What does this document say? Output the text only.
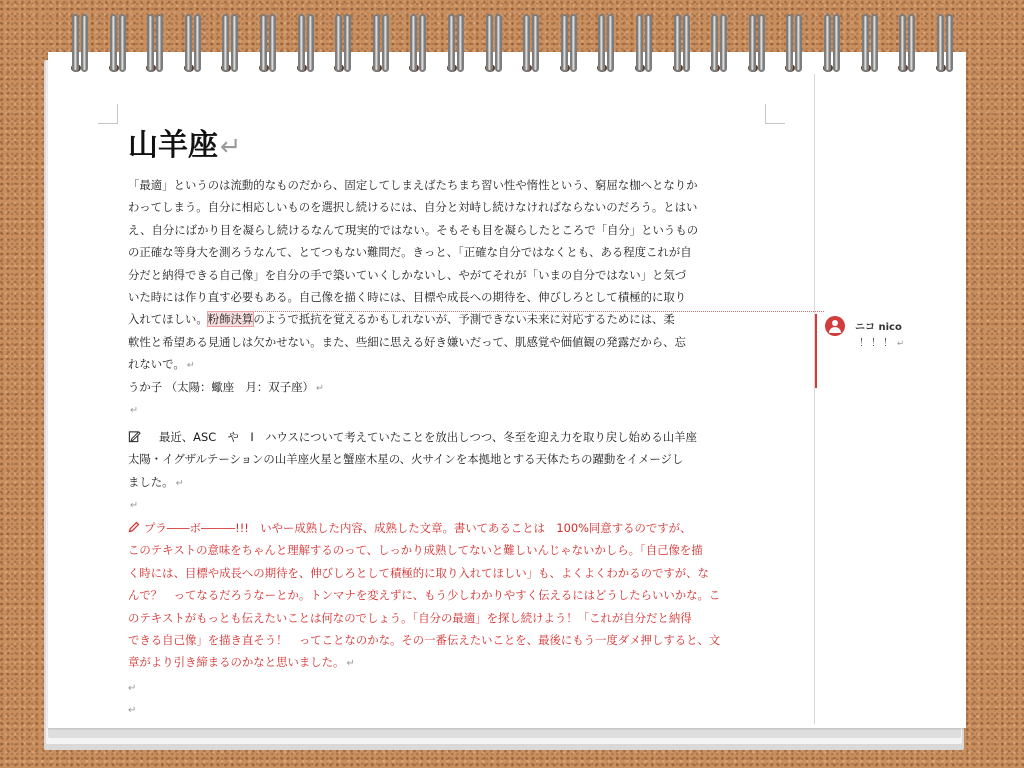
ニコ nico
！！！ ↵
山羊座↵
「最適」というのは流動的なものだから、固定してしまえばたちまち習い性や惰性という、窮屈な枷へとなりか
わってしまう。自分に相応しいものを選択し続けるには、自分と対峙し続けなければならないのだろう。とはい
え、自分にばかり目を凝らし続けるなんて現実的ではない。そもそも目を凝らしたところで「自分」というもの
の正確な等身大を測ろうなんて、とてつもない難問だ。きっと、「正確な自分ではなくとも、ある程度これが自
分だと納得できる自己像」を自分の手で築いていくしかないし、やがてそれが「いまの自分ではない」と気づ
いた時には作り直す必要もある。自己像を描く時には、目標や成長への期待を、伸びしろとして積極的に取り
入れてほしい。粉飾決算のようで抵抗を覚えるかもしれないが、予測できない未来に対応するためには、柔
軟性と希望ある見通しは欠かせない。また、些細に思える好き嫌いだって、肌感覚や価値観の発露だから、忘
れないで。 ↵
うか子 （太陽：蠍座　月：双子座） ↵
↵
最近、ASC　や　I　ハウスについて考えていたことを放出しつつ、冬至を迎え力を取り戻し始める山羊座
太陽・イグザルテーションの山羊座火星と蟹座木星の、火サインを本拠地とする天体たちの躍動をイメージし
ました。 ↵
↵
プラ――ボ―――!!!　いやー成熟した内容、成熟した文章。書いてあることは　100%同意するのですが、
このテキストの意味をちゃんと理解するのって、しっかり成熟してないと難しいんじゃないかしら。「自己像を描
く時には、目標や成長への期待を、伸びしろとして積極的に取り入れてほしい」も、よくよくわかるのですが、な
んで？　ってなるだろうなーとか。トンマナを変えずに、もう少しわかりやすく伝えるにはどうしたらいいかな。こ
のテキストがもっとも伝えたいことは何なのでしょう。「自分の最適」を探し続けよう！「これが自分だと納得
できる自己像」を描き直そう！　ってことなのかな。その一番伝えたいことを、最後にもう一度ダメ押しすると、文
章がより引き締まるのかなと思いました。 ↵
↵
↵
